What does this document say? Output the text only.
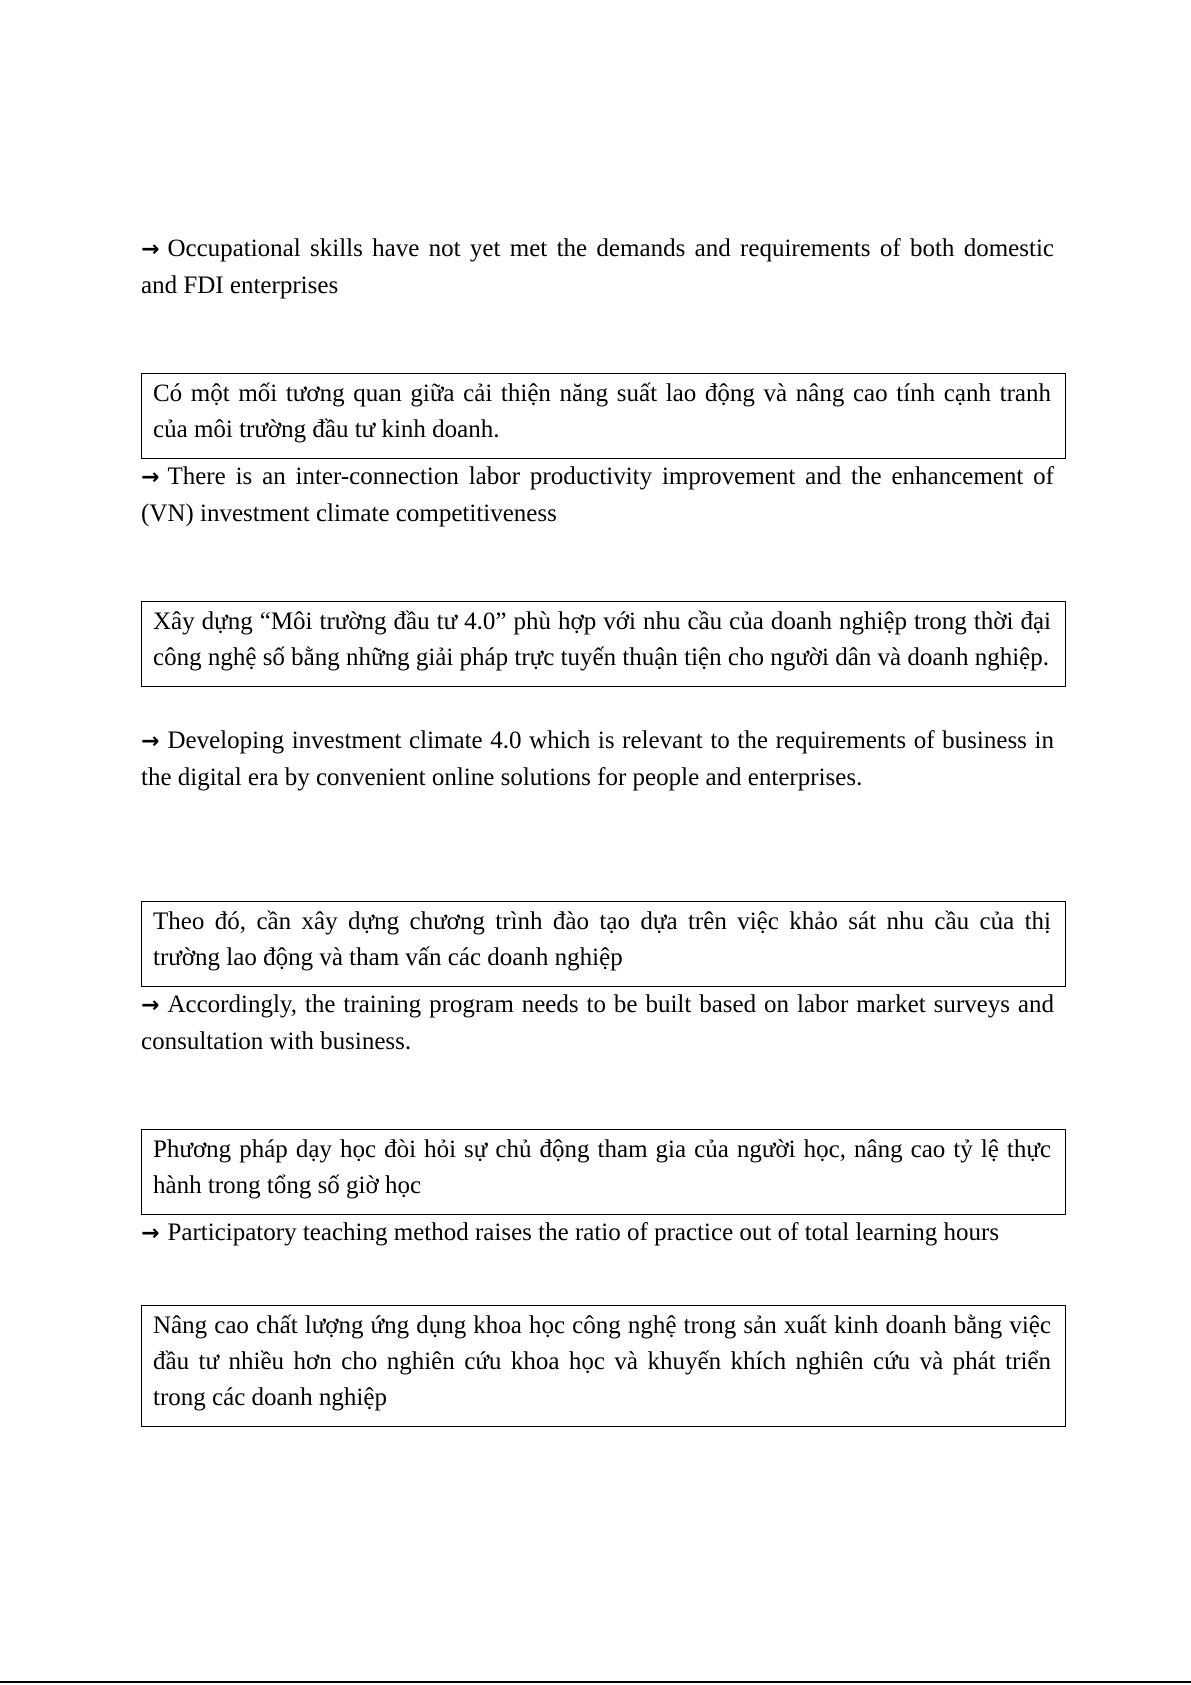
→ Occupational skills have not yet met the demands and requirements of both domestic and FDI enterprises

Có một mối tương quan giữa cải thiện năng suất lao động và nâng cao tính cạnh tranh của môi trường đầu tư kinh doanh.

→ There is an inter-connection labor productivity improvement and the enhancement of (VN) investment climate competitiveness

Xây dựng “Môi trường đầu tư 4.0” phù hợp với nhu cầu của doanh nghiệp trong thời đại công nghệ số bằng những giải pháp trực tuyến thuận tiện cho người dân và doanh nghiệp.

→ Developing investment climate 4.0 which is relevant to the requirements of business in the digital era by convenient online solutions for people and enterprises.

Theo đó, cần xây dựng chương trình đào tạo dựa trên việc khảo sát nhu cầu của thị trường lao động và tham vấn các doanh nghiệp

→ Accordingly, the training program needs to be built based on labor market surveys and consultation with business.

Phương pháp dạy học đòi hỏi sự chủ động tham gia của người học, nâng cao tỷ lệ thực hành trong tổng số giờ học

→ Participatory teaching method raises the ratio of practice out of total learning hours

Nâng cao chất lượng ứng dụng khoa học công nghệ trong sản xuất kinh doanh bằng việc đầu tư nhiều hơn cho nghiên cứu khoa học và khuyến khích nghiên cứu và phát triển trong các doanh nghiệp
